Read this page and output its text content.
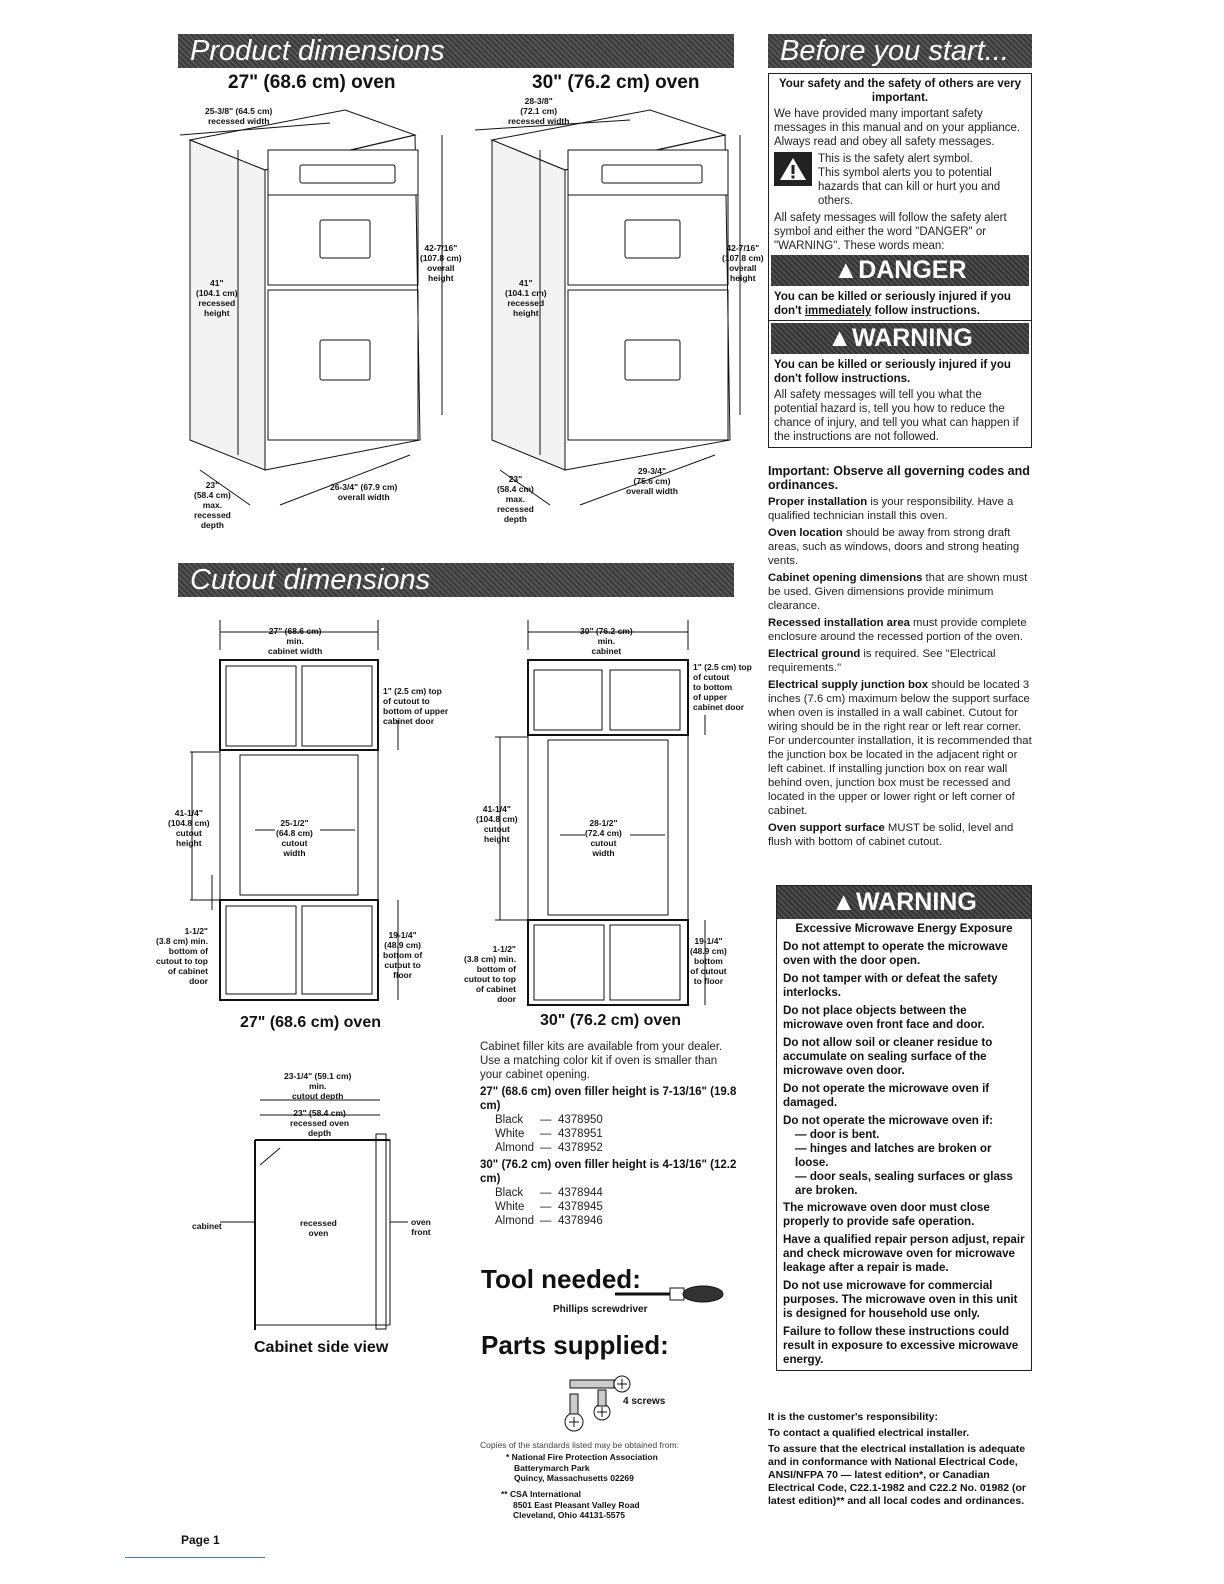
Product dimensions	Before you start...
Cutout dimensions
27" (68.6 cm) oven	30" (76.2 cm) oven
25-3/8" (64.5 cm)
recessed width
42-7/16"
(107.8 cm)
overall
height
41"
(104.1 cm)
recessed
height
23"
(58.4 cm)
max.
recessed
depth
26-3/4" (67.9 cm)
overall width
28-3/8"
(72.1 cm)
recessed width
42-7/16"
(107.8 cm)
overall
height
41"
(104.1 cm)
recessed
height
23"
(58.4 cm)
max.
recessed
depth
29-3/4"
(75.6 cm)
overall width
27" (68.6 cm)
min.
cabinet width
1" (2.5 cm) top
of cutout to
bottom of upper
cabinet door
41-1/4"
(104.8 cm)
cutout
height
25-1/2"
(64.8 cm)
cutout
width
1-1/2"
(3.8 cm) min.
bottom of
cutout to top
of cabinet
door
19-1/4"
(48.9 cm)
bottom of
cutout to
floor
27" (68.6 cm) oven
30" (76.2 cm)
min.
cabinet
1" (2.5 cm) top
of cutout
to bottom
of upper
cabinet door
41-1/4"
(104.8 cm)
cutout
height
28-1/2"
(72.4 cm)
cutout
width
1-1/2"
(3.8 cm) min.
bottom of
cutout to top
of cabinet
door
19-1/4"
(48.9 cm)
bottom
of cutout
to floor
30" (76.2 cm) oven
23-1/4" (59.1 cm)
min.
cutout depth
23" (58.4 cm)
recessed oven
depth
cabinet	recessed
oven
oven
front
Cabinet side view
Cabinet filler kits are available from your dealer. Use a matching color kit if oven is smaller than your cabinet opening.
27" (68.6 cm) oven filler height is 7-13/16" (19.8 cm)
Black	— 4378950
White	— 4378951
Almond — 4378952
30" (76.2 cm) oven filler height is 4-13/16" (12.2 cm)
Black	— 4378944
White	— 4378945
Almond — 4378946
Tool needed:
Phillips screwdriver
Parts supplied:
4 screws
Copies of the standards listed may be obtained from:
* National Fire Protection Association
Batterymarch Park
Quincy, Massachusetts 02269
** CSA International
8501 East Pleasant Valley Road
Cleveland, Ohio 44131-5575
Your safety and the safety of others are very important.
We have provided many important safety messages in this manual and on your appliance. Always read and obey all safety messages.
This is the safety alert symbol.
This symbol alerts you to potential hazards that can kill or hurt you and others.
All safety messages will follow the safety alert symbol and either the word "DANGER" or "WARNING". These words mean:
▲DANGER
You can be killed or seriously injured if you don't immediately follow instructions.
▲WARNING
You can be killed or seriously injured if you don't follow instructions.
All safety messages will tell you what the potential hazard is, tell you how to reduce the chance of injury, and tell you what can happen if the instructions are not followed.

Important: Observe all governing codes and ordinances.

Proper installation is your responsibility. Have a qualified technician install this oven.

Oven location should be away from strong draft areas, such as windows, doors and strong heating vents.

Cabinet opening dimensions that are shown must be used. Given dimensions provide minimum clearance.

Recessed installation area must provide complete enclosure around the recessed portion of the oven.

Electrical ground is required. See "Electrical requirements."

Electrical supply junction box should be located 3 inches (7.6 cm) maximum below the support surface when oven is installed in a wall cabinet. Cutout for wiring should be in the right rear or left rear corner. For undercounter installation, it is recommended that the junction box be located in the adjacent right or left cabinet. If installing junction box on rear wall behind oven, junction box must be recessed and located in the upper or lower right or left corner of cabinet.

Oven support surface MUST be solid, level and flush with bottom of cabinet cutout.

▲WARNING
Excessive Microwave Energy Exposure
Do not attempt to operate the microwave oven with the door open.
Do not tamper with or defeat the safety interlocks.
Do not place objects between the microwave oven front face and door.
Do not allow soil or cleaner residue to accumulate on sealing surface of the microwave oven door.
Do not operate the microwave oven if damaged.
Do not operate the microwave oven if:
— door is bent.
— hinges and latches are broken or loose.
— door seals, sealing surfaces or glass are broken.
The microwave oven door must close properly to provide safe operation.
Have a qualified repair person adjust, repair and check microwave oven for microwave leakage after a repair is made.
Do not use microwave for commercial purposes. The microwave oven in this unit is designed for household use only.
Failure to follow these instructions could result in exposure to excessive microwave energy.

It is the customer's responsibility:

To contact a qualified electrical installer.

To assure that the electrical installation is adequate and in conformance with National Electrical Code, ANSI/NFPA 70 — latest edition*, or Canadian Electrical Code, C22.1-1982 and C22.2 No. 01982 (or latest edition)** and all local codes and ordinances.

Page 1
